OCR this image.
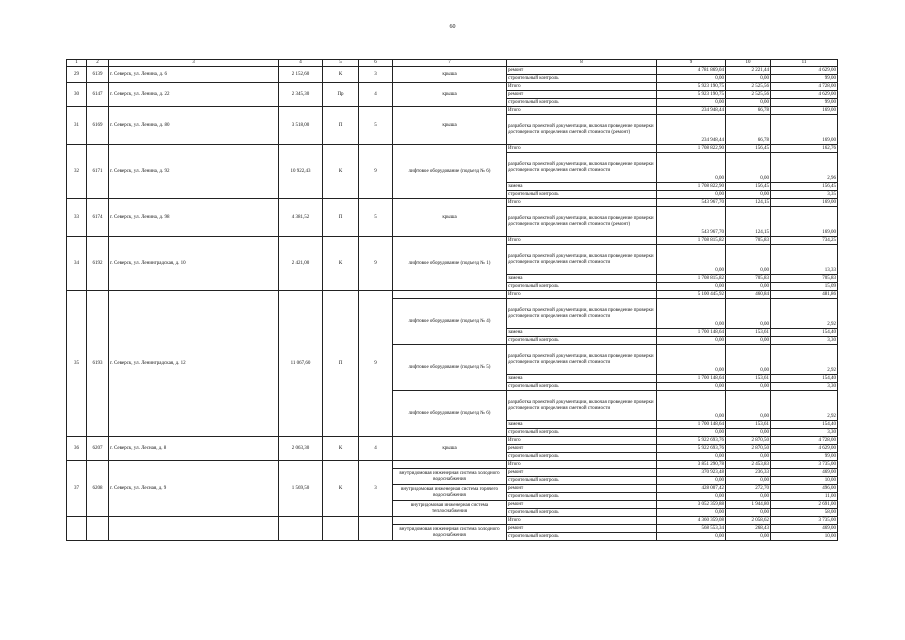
60
1	2	3	4	5	6	7	8	9	10	11
29	6139	г. Северск, ул. Ленина, д. 6	2 152,60	К	3	крыша	ремонт	4 781 869,04	2 221,44	4 629,00
							строительный контроль	0,00	0,00	99,00
30	6147	г. Северск, ул. Ленина, д. 22	2 345,30	Пр	4	крыша	Итого	5 923 190,75	2 525,56	4 728,00
							ремонт	5 923 190,75	2 525,56	4 629,00
							строительный контроль	0,00	0,00	99,00
31	6169	г. Северск, ул. Ленина, д. 80	3 518,00	П	5	крыша	Итого	234 948,44	66,78	169,00
							разработка проектной документации, включая проведение проверки достоверности определения сметной стоимости (ремонт)	234 948,44	66,78	169,00
32	6171	г. Северск, ул. Ленина, д. 92	10 922,43	К	9	лифтовое оборудование (подъезд № 6)	Итого	1 708 822,90	156,45	162,76
							разработка проектной документации, включая проведение проверки достоверности определения сметной стоимости	0,00	0,00	2,96
							замена	1 708 822,90	156,45	156,45
							строительный контроль	0,00	0,00	3,35
33	6174	г. Северск, ул. Ленина, д. 98	4 381,52	П	5	крыша	Итого	543 967,70	124,15	169,00
							разработка проектной документации, включая проведение проверки достоверности определения сметной стоимости (ремонт)	543 967,70	124,15	169,00
34	6192	г. Северск, ул. Ленинградская, д. 10	2 421,00	К	9	лифтовое оборудование (подъезд № 1)	Итого	1 708 815,82	705,83	734,25
							разработка проектной документации, включая проведение проверки достоверности определения сметной стоимости	0,00	0,00	13,33
							замена	1 708 815,82	705,83	705,83
							строительный контроль	0,00	0,00	15,09
35	6193	г. Северск, ул. Ленинградская, д. 12	11 067,60	П	9		Итого	5 100 445,92	460,84	481,86
						лифтовое оборудование (подъезд № 4)	разработка проектной документации, включая проведение проверки достоверности определения сметной стоимости	0,00	0,00	2,92
							замена	1 700 148,64	153,61	154,40
							строительный контроль	0,00	0,00	3,30
						лифтовое оборудование (подъезд № 5)	разработка проектной документации, включая проведение проверки достоверности определения сметной стоимости	0,00	0,00	2,92
							замена	1 700 148,64	153,61	154,40
							строительный контроль	0,00	0,00	3,30
						лифтовое оборудование (подъезд № 6)	разработка проектной документации, включая проведение проверки достоверности определения сметной стоимости	0,00	0,00	2,92
							замена	1 700 148,64	153,61	154,40
							строительный контроль	0,00	0,00	3,30
36	6207	г. Северск, ул. Лесная, д. 8	2 063,30	К	4	крыша	Итого	5 922 693,76	2 870,50	4 728,00
							ремонт	5 922 693,76	2 870,50	4 629,00
							строительный контроль	0,00	0,00	99,00
37	6208	г. Северск, ул. Лесная, д. 9	1 569,50	К	3		Итого	3 851 290,78	2 453,83	3 735,00
						внутридомовая инженерная система холодного водоснабжения	ремонт	370 923,48	236,33	469,00
							строительный контроль	0,00	0,00	10,00
						внутридомовая инженерная система горячего водоснабжения	ремонт	428 007,42	272,70	496,00
							строительный контроль	0,00	0,00	11,00
						внутридомовая инженерная система теплоснабжения	ремонт	3 052 359,88	1 944,80	2 691,00
							строительный контроль	0,00	0,00	58,00
							Итого	4 360 359,08	2 058,62	3 735,00
						внутридомовая инженерная система холодного водоснабжения	ремонт	568 553,34	268,43	469,00
							строительный контроль	0,00	0,00	10,00
